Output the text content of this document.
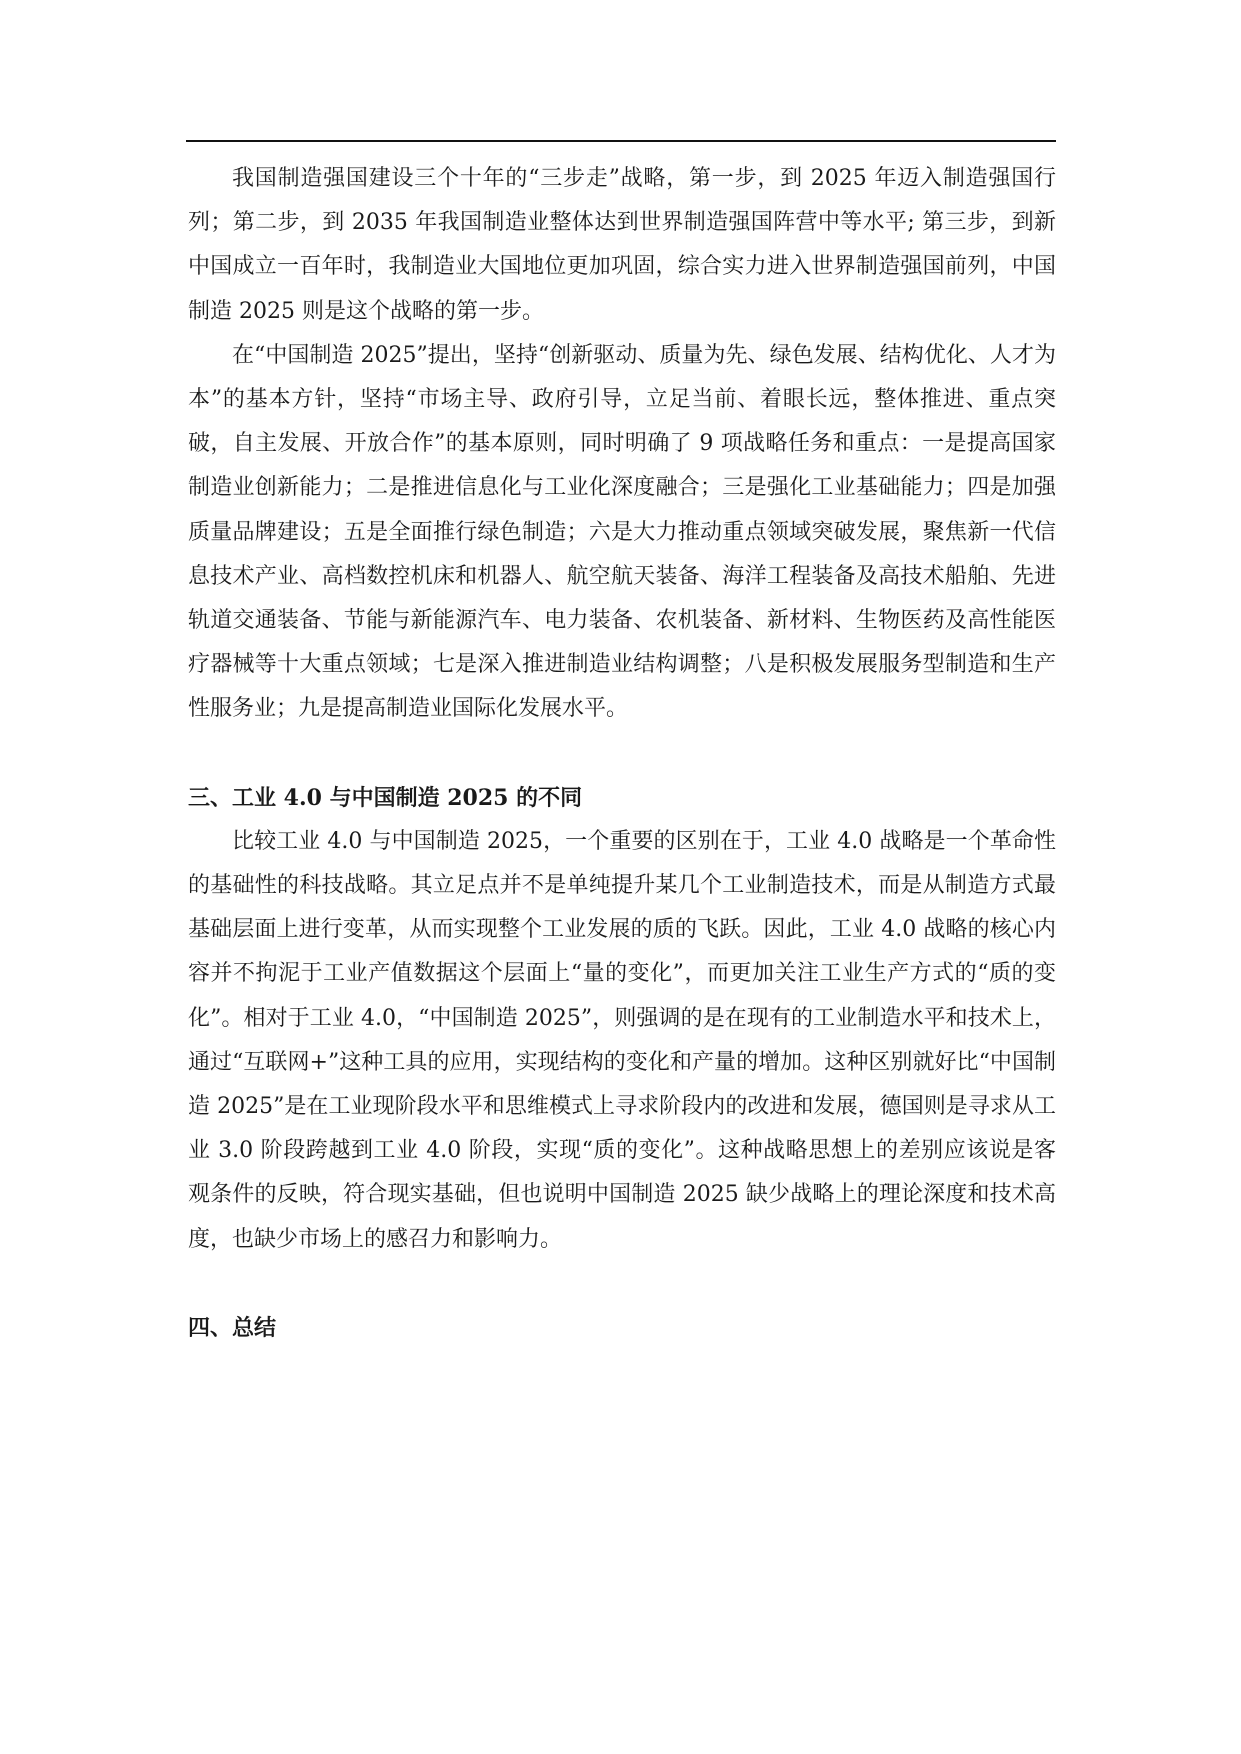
我国制造强国建设三个十年的“三步走”战略，第一步，到 2025 年迈入制造强国行列；第二步，到 2035 年我国制造业整体达到世界制造强国阵营中等水平; 第三步，到新中国成立一百年时，我制造业大国地位更加巩固，综合实力进入世界制造强国前列，中国制造 2025 则是这个战略的第一步。

在“中国制造 2025”提出，坚持“创新驱动、质量为先、绿色发展、结构优化、人才为本”的基本方针，坚持“市场主导、政府引导，立足当前、着眼长远，整体推进、重点突破，自主发展、开放合作”的基本原则，同时明确了 9 项战略任务和重点：一是提高国家制造业创新能力；二是推进信息化与工业化深度融合；三是强化工业基础能力；四是加强质量品牌建设；五是全面推行绿色制造；六是大力推动重点领域突破发展，聚焦新一代信息技术产业、高档数控机床和机器人、航空航天装备、海洋工程装备及高技术船舶、先进轨道交通装备、节能与新能源汽车、电力装备、农机装备、新材料、生物医药及高性能医疗器械等十大重点领域；七是深入推进制造业结构调整；八是积极发展服务型制造和生产性服务业；九是提高制造业国际化发展水平。

三、工业 4.0 与中国制造 2025 的不同

比较工业 4.0 与中国制造 2025，一个重要的区别在于，工业 4.0 战略是一个革命性的基础性的科技战略。其立足点并不是单纯提升某几个工业制造技术，而是从制造方式最基础层面上进行变革，从而实现整个工业发展的质的飞跃。因此，工业 4.0 战略的核心内容并不拘泥于工业产值数据这个层面上“量的变化”，而更加关注工业生产方式的“质的变化”。相对于工业 4.0，“中国制造 2025”，则强调的是在现有的工业制造水平和技术上，通过“互联网+”这种工具的应用，实现结构的变化和产量的增加。这种区别就好比“中国制造 2025”是在工业现阶段水平和思维模式上寻求阶段内的改进和发展，德国则是寻求从工业 3.0 阶段跨越到工业 4.0 阶段，实现“质的变化”。这种战略思想上的差别应该说是客观条件的反映，符合现实基础，但也说明中国制造 2025 缺少战略上的理论深度和技术高度，也缺少市场上的感召力和影响力。

四、总结
